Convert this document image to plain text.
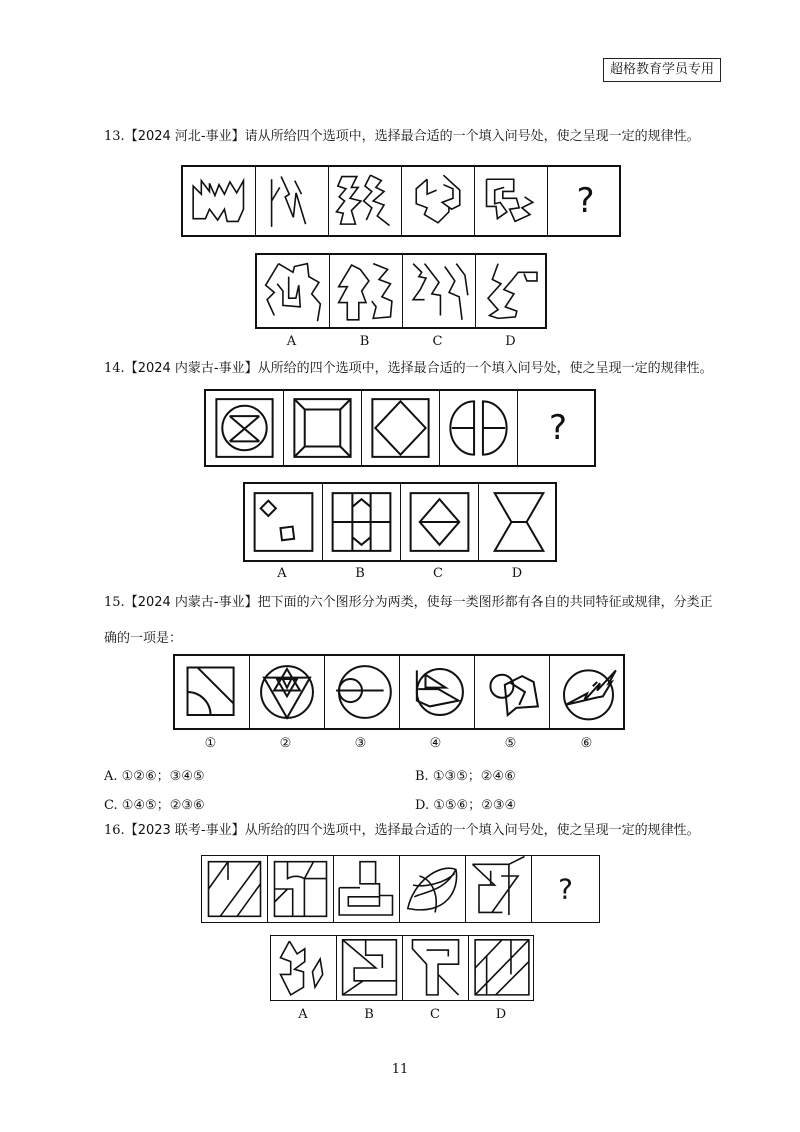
超格教育学员专用
13.【2024 河北-事业】请从所给四个选项中，选择最合适的一个填入问号处，使之呈现一定的规律性。
?
A	B	C	D
14.【2024 内蒙古-事业】从所给的四个选项中，选择最合适的一个填入问号处，使之呈现一定的规律性。
?
A	B	C	D
15.【2024 内蒙古-事业】把下面的六个图形分为两类，使每一类图形都有各自的共同特征或规律，分类正
确的一项是：
①	②	③	④	⑤	⑥
A. ①②⑥；③④⑤	B. ①③⑤；②④⑥
C. ①④⑤；②③⑥	D. ①⑤⑥；②③④
16.【2023 联考-事业】从所给的四个选项中，选择最合适的一个填入问号处，使之呈现一定的规律性。
?
A	B	C	D
11
